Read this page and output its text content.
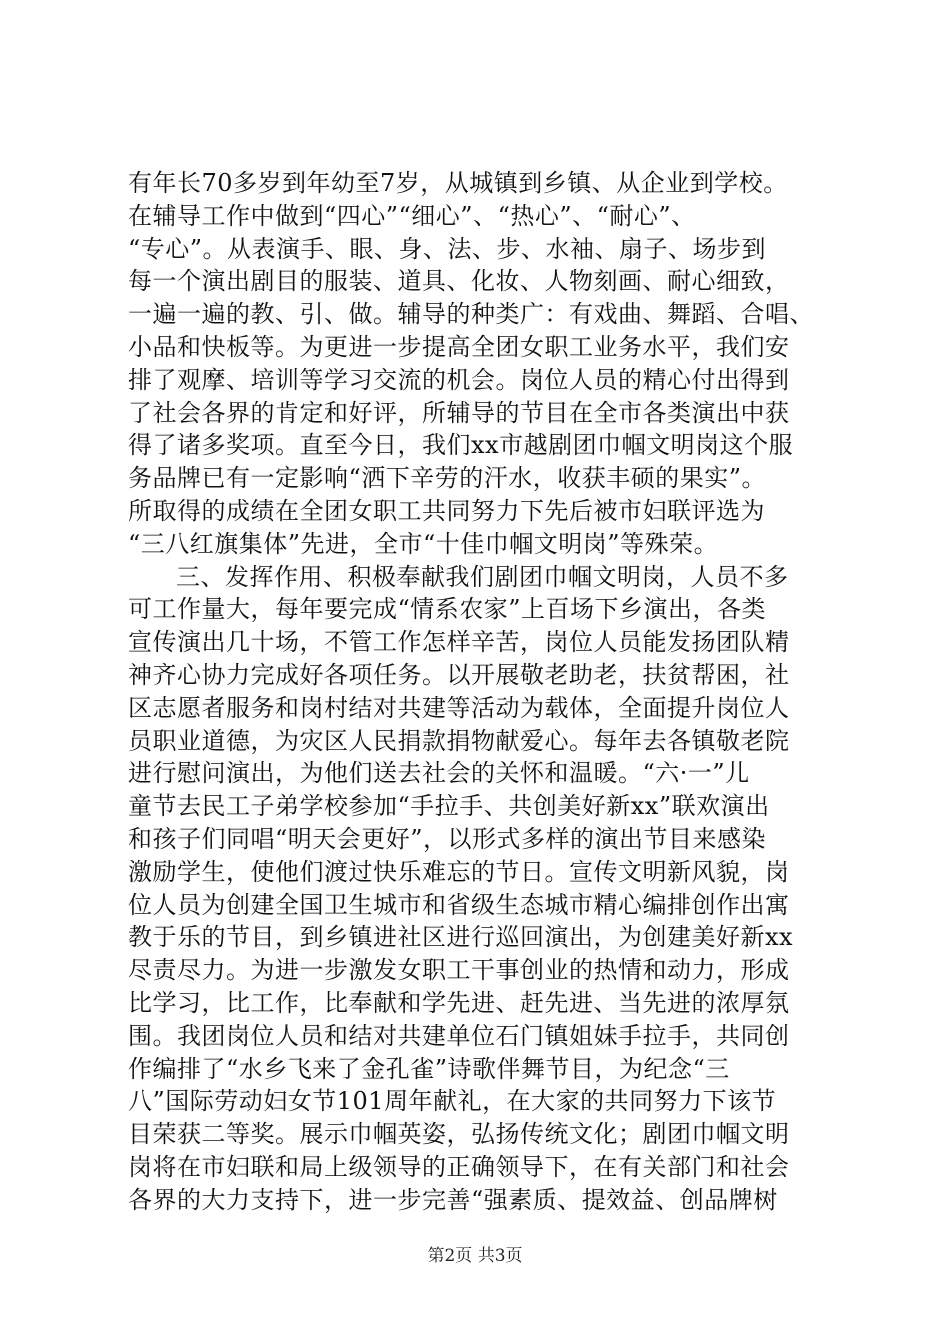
有年长70多岁到年幼至7岁，从城镇到乡镇、从企业到学校。
在辅导工作中做到“四心”“细心”、“热心”、“耐心”、
“专心”。从表演手、眼、身、法、步、水袖、扇子、场步到
每一个演出剧目的服装、道具、化妆、人物刻画、耐心细致，
一遍一遍的教、引、做。辅导的种类广：有戏曲、舞蹈、合唱、
小品和快板等。为更进一步提高全团女职工业务水平，我们安
排了观摩、培训等学习交流的机会。岗位人员的精心付出得到
了社会各界的肯定和好评，所辅导的节目在全市各类演出中获
得了诸多奖项。直至今日，我们xx市越剧团巾帼文明岗这个服
务品牌已有一定影响“洒下辛劳的汗水，收获丰硕的果实”。
所取得的成绩在全团女职工共同努力下先后被市妇联评选为
“三八红旗集体”先进，全市“十佳巾帼文明岗”等殊荣。
三、发挥作用、积极奉献我们剧团巾帼文明岗，人员不多
可工作量大，每年要完成“情系农家”上百场下乡演出，各类
宣传演出几十场，不管工作怎样辛苦，岗位人员能发扬团队精
神齐心协力完成好各项任务。以开展敬老助老，扶贫帮困，社
区志愿者服务和岗村结对共建等活动为载体，全面提升岗位人
员职业道德，为灾区人民捐款捐物献爱心。每年去各镇敬老院
进行慰问演出，为他们送去社会的关怀和温暖。“六·一”儿
童节去民工子弟学校参加“手拉手、共创美好新xx”联欢演出
和孩子们同唱“明天会更好”，以形式多样的演出节目来感染
激励学生，使他们渡过快乐难忘的节日。宣传文明新风貌，岗
位人员为创建全国卫生城市和省级生态城市精心编排创作出寓
教于乐的节目，到乡镇进社区进行巡回演出，为创建美好新xx
尽责尽力。为进一步激发女职工干事创业的热情和动力，形成
比学习，比工作，比奉献和学先进、赶先进、当先进的浓厚氛
围。我团岗位人员和结对共建单位石门镇姐妹手拉手，共同创
作编排了“水乡飞来了金孔雀”诗歌伴舞节目，为纪念“三
八”国际劳动妇女节101周年献礼，在大家的共同努力下该节
目荣获二等奖。展示巾帼英姿，弘扬传统文化；剧团巾帼文明
岗将在市妇联和局上级领导的正确领导下，在有关部门和社会
各界的大力支持下，进一步完善“强素质、提效益、创品牌树
第2页 共3页
